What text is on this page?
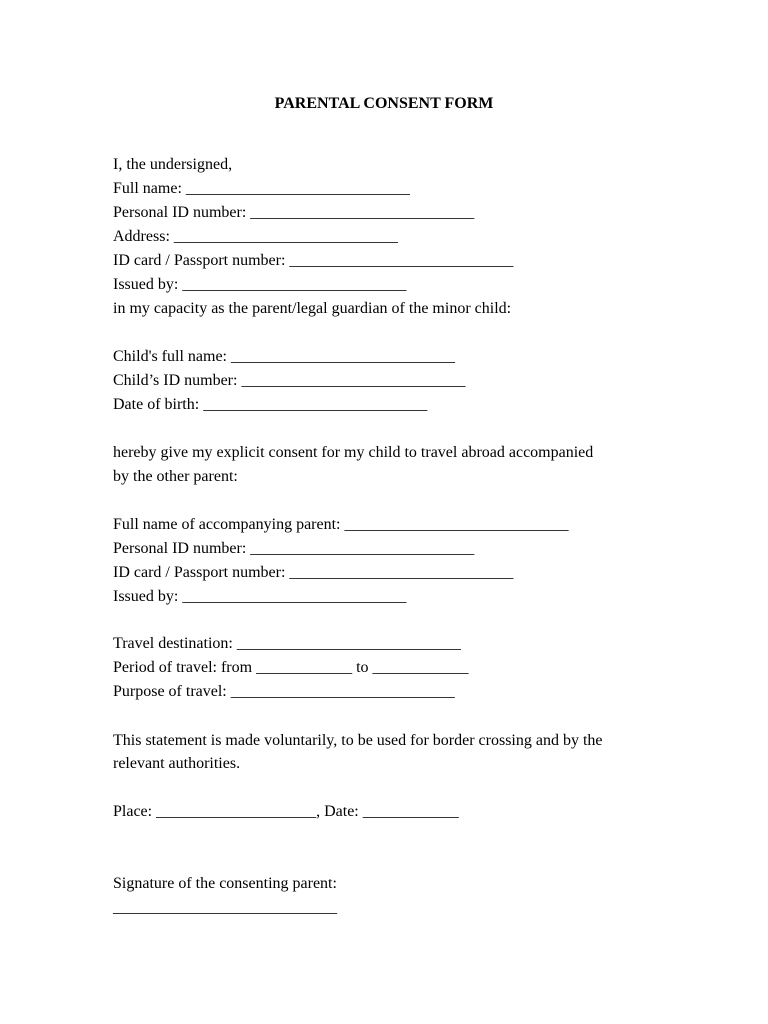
PARENTAL CONSENT FORM

I, the undersigned,

Full name: ____________________________

Personal ID number: ____________________________

Address: ____________________________

ID card / Passport number: ____________________________

Issued by: ____________________________

in my capacity as the parent/legal guardian of the minor child:

Child's full name: ____________________________

Child’s ID number: ____________________________

Date of birth: ____________________________

hereby give my explicit consent for my child to travel abroad accompanied

by the other parent:

Full name of accompanying parent: ____________________________

Personal ID number: ____________________________

ID card / Passport number: ____________________________

Issued by: ____________________________

Travel destination: ____________________________

Period of travel: from ____________ to ____________

Purpose of travel: ____________________________

This statement is made voluntarily, to be used for border crossing and by the

relevant authorities.

Place: ____________________, Date: ____________

Signature of the consenting parent:

____________________________
